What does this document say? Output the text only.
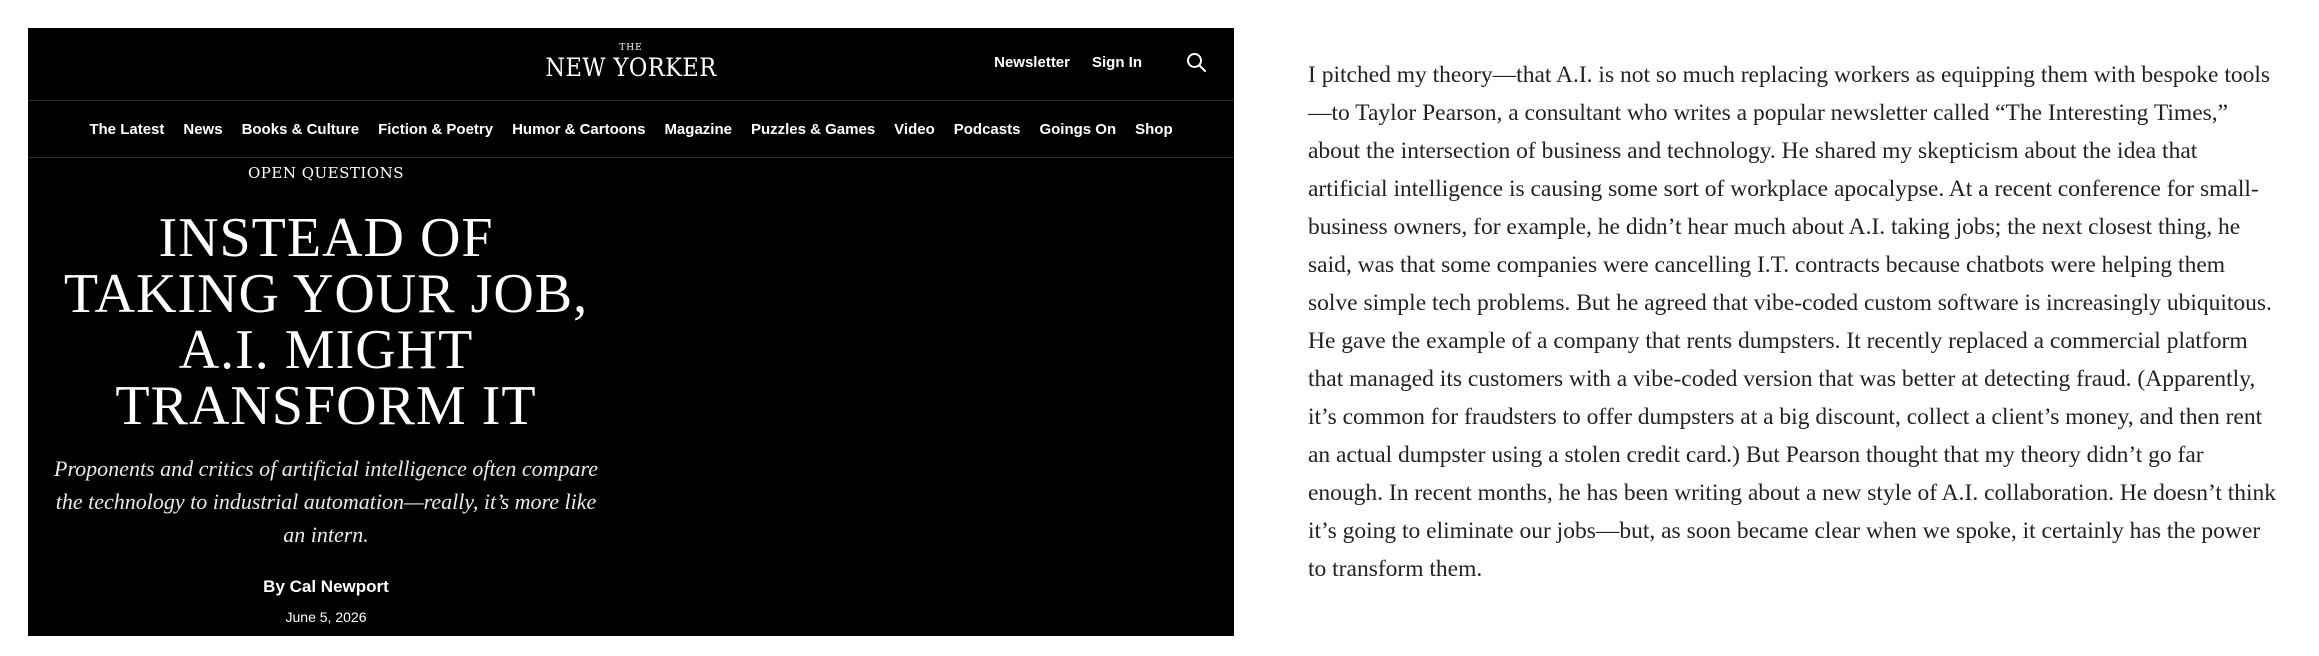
THE
NEW YORKER	Newsletter Sign In
The Latest News Books & Culture Fiction & Poetry Humor & Cartoons Magazine Puzzles & Games Video Podcasts Goings On Shop
OPEN QUESTIONS
INSTEAD OF TAKING YOUR JOB, A.I. MIGHT TRANSFORM IT
Proponents and critics of artificial intelligence often compare the technology to industrial automation—really, it’s more like an intern.
By Cal Newport
June 5, 2026
I pitched my theory—that A.I. is not so much replacing workers as equipping them with bespoke tools—to Taylor Pearson, a consultant who writes a popular newsletter called “The Interesting Times,” about the intersection of business and technology. He shared my skepticism about the idea that artificial intelligence is causing some sort of workplace apocalypse. At a recent conference for small-business owners, for example, he didn’t hear much about A.I. taking jobs; the next closest thing, he said, was that some companies were cancelling I.T. contracts because chatbots were helping them solve simple tech problems. But he agreed that vibe-coded custom software is increasingly ubiquitous. He gave the example of a company that rents dumpsters. It recently replaced a commercial platform that managed its customers with a vibe-coded version that was better at detecting fraud. (Apparently, it’s common for fraudsters to offer dumpsters at a big discount, collect a client’s money, and then rent an actual dumpster using a stolen credit card.) But Pearson thought that my theory didn’t go far enough. In recent months, he has been writing about a new style of A.I. collaboration. He doesn’t think it’s going to eliminate our jobs—but, as soon became clear when we spoke, it certainly has the power to transform them.
